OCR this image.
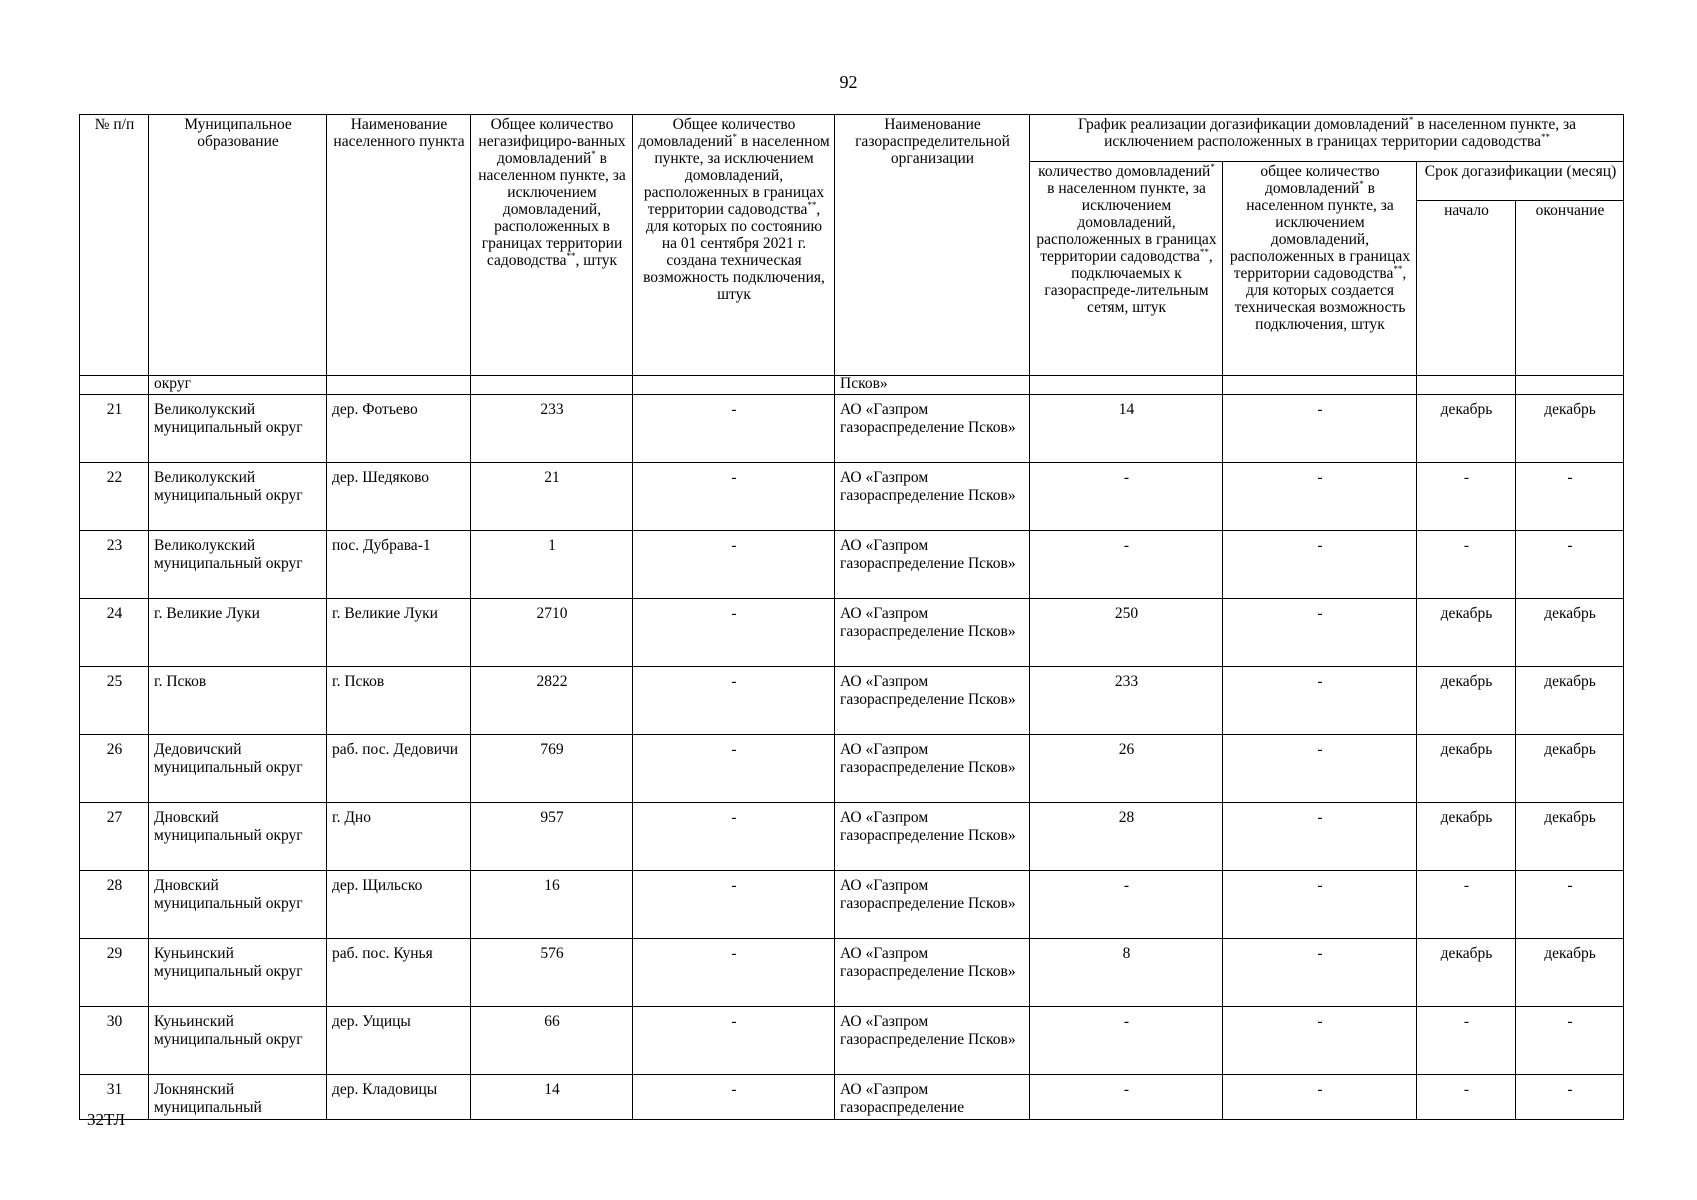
92
№ п/п	Муниципальное образование	Наименование населенного пункта	Общее количество негазифициро-ванных домовладений* в населенном пункте, за исключением домовладений, расположенных в границах территории садоводства**, штук	Общее количество домовладений* в населенном пункте, за исключением домовладений, расположенных в границах территории садоводства**, для которых по состоянию на 01 сентября 2021 г. создана техническая возможность подключения, штук	Наименование газораспределительной организации	График реализации догазификации домовладений* в населенном пункте, за исключением расположенных в границах территории садоводства**
						количество домовладений* в населенном пункте, за исключением домовладений, расположенных в границах территории садоводства**, подключаемых к газораспреде-лительным сетям, штук	общее количество домовладений* в населенном пункте, за исключением домовладений, расположенных в границах территории садоводства**, для которых создается техническая возможность подключения, штук	Срок догазификации (месяц)	
								начало	окончание
	округ				Псков»				
21	Великолукский муниципальный округ	дер. Фотьево	233	-	АО «Газпром газораспределение Псков»	14	-	декабрь	декабрь
22	Великолукский муниципальный округ	дер. Шедяково	21	-	АО «Газпром газораспределение Псков»	-	-	-	-
23	Великолукский муниципальный округ	пос. Дубрава-1	1	-	АО «Газпром газораспределение Псков»	-	-	-	-
24	г. Великие Луки	г. Великие Луки	2710	-	АО «Газпром газораспределение Псков»	250	-	декабрь	декабрь
25	г. Псков	г. Псков	2822	-	АО «Газпром газораспределение Псков»	233	-	декабрь	декабрь
26	Дедовичский муниципальный округ	раб. пос. Дедовичи	769	-	АО «Газпром газораспределение Псков»	26	-	декабрь	декабрь
27	Дновский муниципальный округ	г. Дно	957	-	АО «Газпром газораспределение Псков»	28	-	декабрь	декабрь
28	Дновский муниципальный округ	дер. Щильско	16	-	АО «Газпром газораспределение Псков»	-	-	-	-
29	Куньинский муниципальный округ	раб. пос. Кунья	576	-	АО «Газпром газораспределение Псков»	8	-	декабрь	декабрь
30	Куньинский муниципальный округ	дер. Ущицы	66	-	АО «Газпром газораспределение Псков»	-	-	-	-
31	Локнянский муниципальный	дер. Кладовицы	14	-	АО «Газпром газораспределение	-	-	-	-
32ТЛ
